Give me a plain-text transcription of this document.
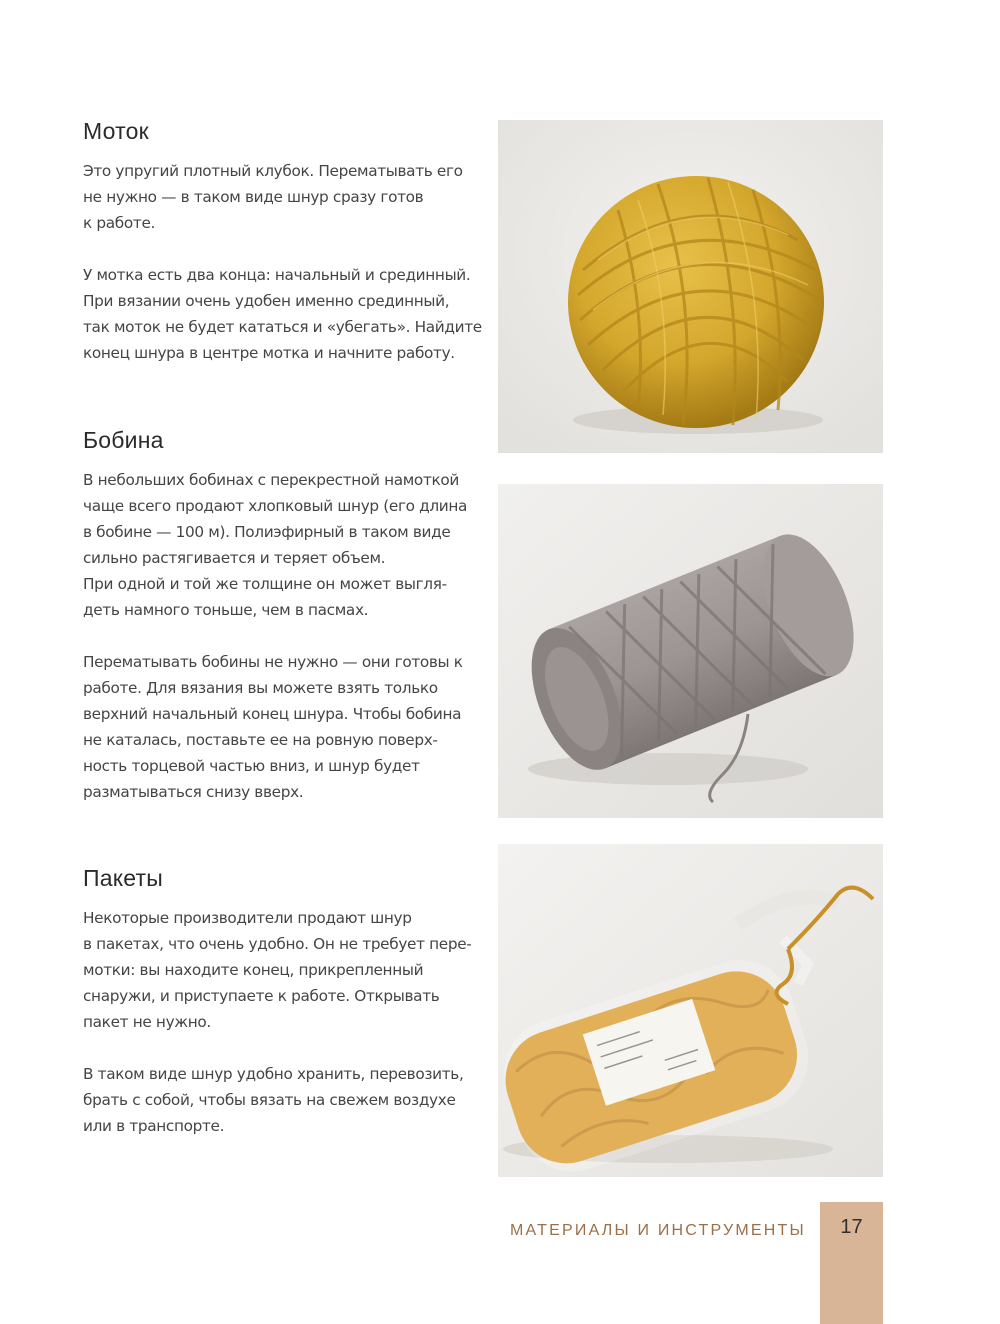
Моток
Это упругий плотный клубок. Перематывать его
не нужно — в таком виде шнур сразу готов
к работе.
У мотка есть два конца: начальный и срединный.
При вязании очень удобен именно срединный,
так моток не будет кататься и «убегать». Найдите
конец шнура в центре мотка и начните работу.
Бобина
В небольших бобинах с перекрестной намоткой
чаще всего продают хлопковый шнур (его длина
в бобине — 100 м). Полиэфирный в таком виде
сильно растягивается и теряет объем.
При одной и той же толщине он может выгля-
деть намного тоньше, чем в пасмах.
Перематывать бобины не нужно — они готовы к
работе. Для вязания вы можете взять только
верхний начальный конец шнура. Чтобы бобина
не каталась, поставьте ее на ровную поверх-
ность торцевой частью вниз, и шнур будет
разматываться снизу вверх.
Пакеты
Некоторые производители продают шнур
в пакетах, что очень удобно. Он не требует пере-
мотки: вы находите конец, прикрепленный
снаружи, и приступаете к работе. Открывать
пакет не нужно.
В таком виде шнур удобно хранить, перевозить,
брать с собой, чтобы вязать на свежем воздухе
или в транспорте.
МАТЕРИАЛЫ И ИНСТРУМЕНТЫ	17
